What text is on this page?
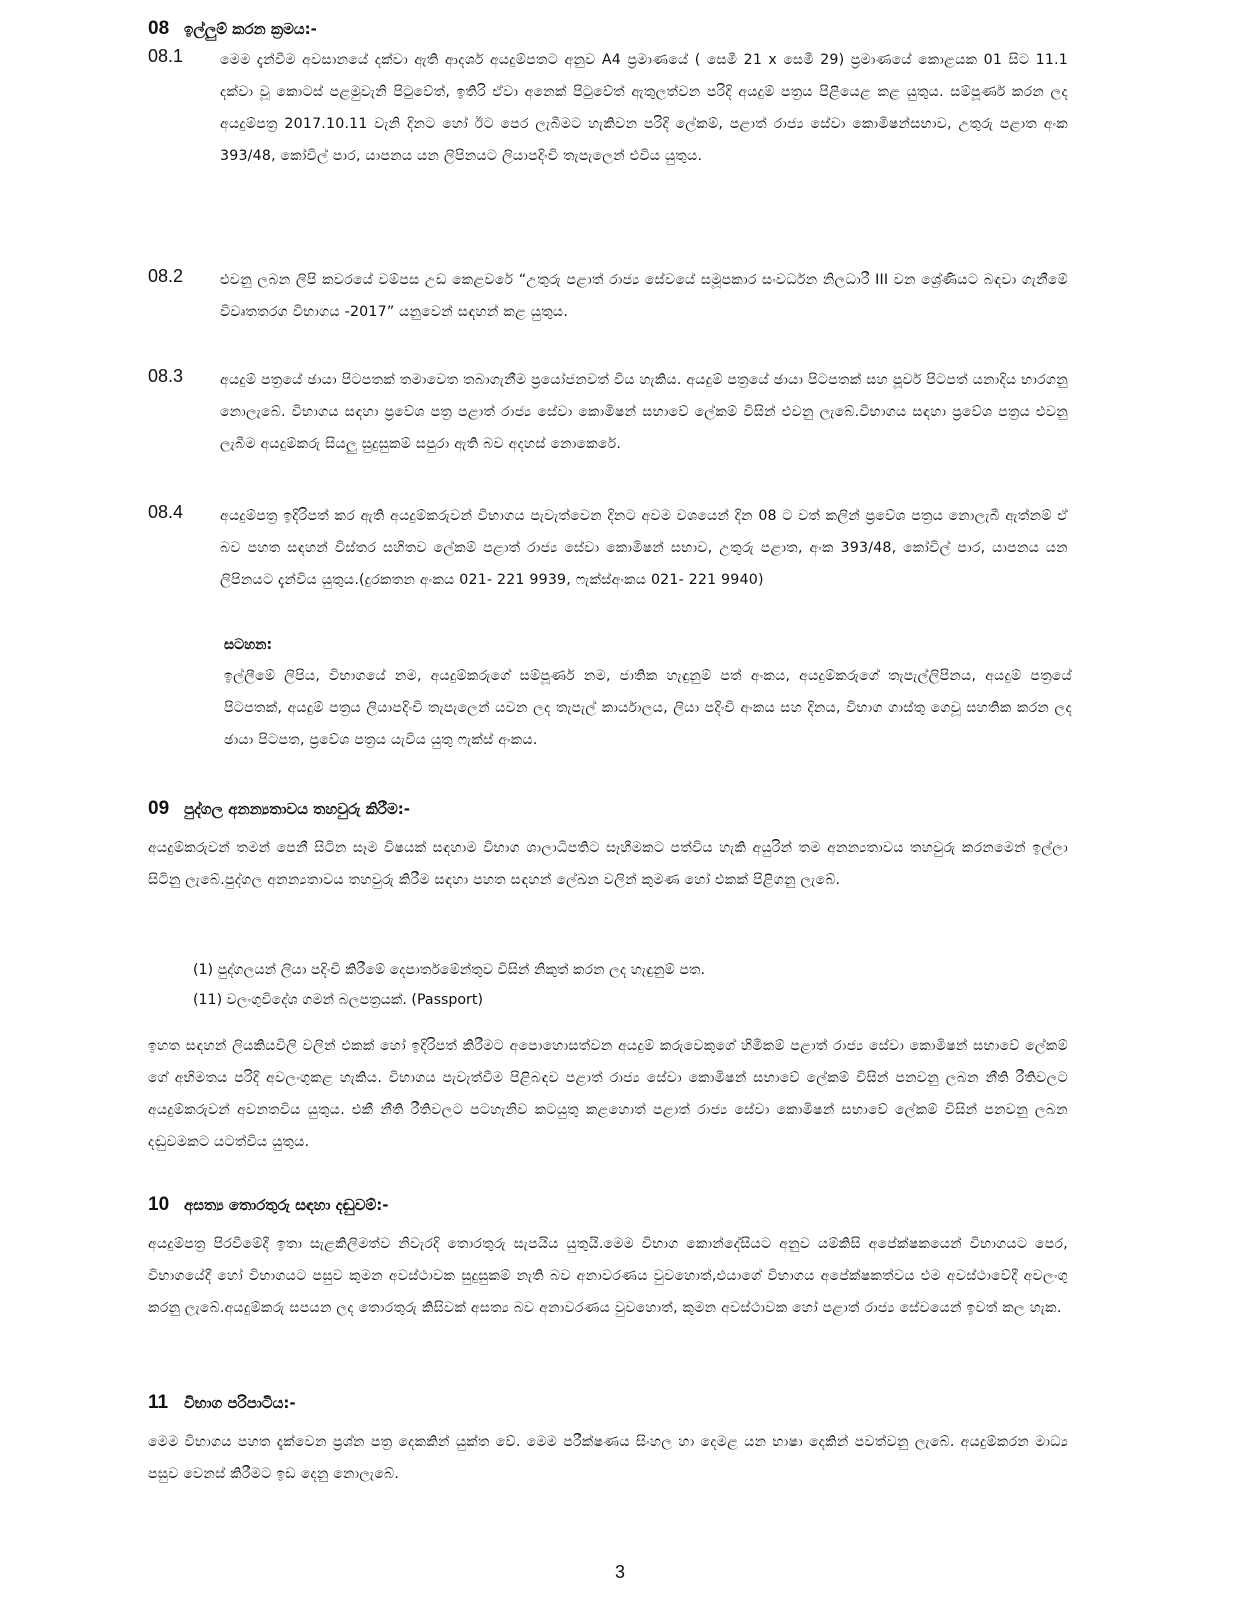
08 ඉල්ලුම් කරන ක්‍රමය:-
08.1	මෙම දැන්වීම අවසානයේ දක්වා ඇති ආදර්ශ අයදුම්පතට අනුව A4 ප්‍රමාණයේ ( සෙමී 21 x සෙමී 29) ප්‍රමාණයේ කොළයක 01 සිට 11.1 දක්වා වූ කොටස් පළමුවැනි පිටුවේත්, ඉතිරි ඒවා අනෙක් පිටුවේත් ඇතුලත්වන පරිදි අයදුම් පත්‍රය පිළියෙළ කළ යුතුය. සම්පූර්ණ කරන ලද අයදුම්පත්‍ර 2017.10.11 වැනි දිනට හෝ ඊට පෙර ලැබීමට හැකිවන පරිදි ලේකම්, පළාත් රාජ්‍ය සේවා කොමිෂන්සභාව, උතුරු පළාත අංක 393/48, කෝවිල් පාර, යාපනය යන ලිපිනයට ලියාපදිංචි තැපැලෙන් එවිය යුතුය.
08.2	එවනු ලබන ලිපි කවරයේ වම්පස උඩ කෙළවරේ “උතුරු පළාත් රාජ්‍ය සේවයේ සමූපකාර සංවර්ධන නිලධාරී III වන ශ්‍රේණියට බඳවා ගැනීමේ විවෘතතරග විභාගය -2017” යනුවෙන් සඳහන් කළ යුතුය.
08.3	අයදුම් පත්‍රයේ ඡායා පිටපතක් තමාවෙත තබාගැනීම ප්‍රයෝජනවත් විය හැකිය. අයදුම් පත්‍රයේ ඡායා පිටපතක් සහ පූර්ව පිටපත් යනාදිය භාරගනු නොලැබේ. විභාගය සඳහා ප්‍රවේශ පත්‍ර පළාත් රාජ්‍ය සේවා කොමිෂන් සභාවේ ලේකම් විසින් එවනු ලැබේ.විභාගය සඳහා ප්‍රවේශ පත්‍රය එවනු ලැබීම අයදුම්කරු සියලු සුදුසුකම් සපුරා ඇති බව අදහස් නොකෙරේ.
08.4	අයදුම්පත්‍ර ඉදිරිපත් කර ඇති අයදුම්කරුවන් විභාගය පැවැත්වෙන දිනට අවම වශයෙන් දින 08 ට වත් කලින් ප්‍රවේශ පත්‍රය නොලැබී ඇත්නම් ඒ බව පහත සඳහන් විස්තර සහිතව ලේකම් පළාත් රාජ්‍ය සේවා කොමිෂන් සභාව, උතුරු පළාත, අංක 393/48, කෝවිල් පාර, යාපනය යන ලිපිනයට දැන්විය යුතුය.(දුරකතන අංකය 021- 221 9939, ෆැක්ස්අංකය 021- 221 9940)
සටහන:
ඉල්ලීමේ ලිපිය, විභාගයේ නම, අයදුම්කරුගේ සම්පූර්ණ නම, ජාතික හැඳුනුම් පත් අංකය, අයදුම්කරුගේ තැපැල්ලිපිනය, අයදුම් පත්‍රයේ පිටපතක්, අයදුම් පත්‍රය ලියාපදිංචි තැපැලෙන් යවන ලද තැපැල් කාර්යාලය, ලියා පදිංචි අංකය සහ දිනය, විභාග ගාස්තු ගෙවූ සහතික කරන ලද ඡායා පිටපත, ප්‍රවේශ පත්‍රය යැවිය යුතු ෆැක්ස් අංකය.
09 පුද්ගල අනන්‍යතාවය තහවුරු කිරීම:-
අයදුම්කරුවන් තමන් පෙනී සිටින සෑම විෂයක් සඳහාම විභාග ශාලාධිපතිට සෑහීමකට පත්විය හැකි අයුරින් තම අනන්‍යතාවය තහවුරු කරනමෙන් ඉල්ලා සිටිනු ලැබේ.පුද්ගල අනන්‍යතාවය තහවුරු කිරීම සඳහා පහත සඳහන් ලේඛන වලින් කුමණ හෝ එකක් පිළිගනු ලැබේ.
(1) පුද්ගලයන් ලියා පදිංචි කිරීමේ දෙපාර්තමේන්තුව විසින් නිකුත් කරන ලද හැඳුනුම් පත.
(11) වලංගුවිදේශ ගමන් බලපත්‍රයක්. (Passport)
ඉහත සඳහන් ලියකියවිලි වලින් එකක් හෝ ඉදිරිපත් කිරීමට අපොහොසත්වන අයදුම් කරුවෙකුගේ හිමිකම් පළාත් රාජ්‍ය සේවා කොමිෂන් සභාවේ ලේකම් ගේ අභිමතය පරිදි අවලංගුකළ හැකිය. විභාගය පැවැත්වීම පිළිබඳව පළාත් රාජ්‍ය සේවා කොමිෂන් සභාවේ ලේකම් විසින් පනවනු ලබන නීති රීතිවලට අයදුම්කරුවන් අවනතවිය යුතුය. එකී නීති රීතිවලට පටහැනිව කටයුතු කළහොත් පළාත් රාජ්‍ය සේවා කොමිෂන් සභාවේ ලේකම් විසින් පනවනු ලබන දඬුවමකට යටත්විය යුතුය.
10 අසත්‍ය තොරතුරු සඳහා දඬුවම්:-
අයදුම්පත්‍ර පිරවීමේදී ඉතා සැළකිලිමත්ව නිවැරදි තොරතුරු සැපයිය යුතුයි.මෙම විභාග කොන්දේසියට අනුව යම්කිසි අපේක්ෂකයෙන් විභාගයට පෙර, විභාගයේදී හෝ විභාගයට පසුව කුමන අවස්ථාවක සුදුසුකම් නැති බව අනාවරණය වුවහොත්,එයාගේ විභාගය අපේක්ෂකත්වය එම අවස්ථාවේදී අවලංගු කරනු ලැබේ.අයදුම්කරු සපයන ලද තොරතුරු කිසිවක් අසත්‍ය බව අනාවරණය වුවහොත්, කුමන අවස්ථාවක හෝ පළාත් රාජ්‍ය සේවයෙන් ඉවත් කල හැක.
11	විභාග පරිපාටිය:-
මෙම විභාගය පහත දැක්වෙන ප්‍රශ්න පත්‍ර දෙකකින් යුක්ත වේ. මෙම පරීක්ෂණය සිංහල හා දෙමළ යන භාෂා දෙකින් පවත්වනු ලැබේ. අයදුම්කරන මාධ්‍ය පසුව වෙනස් කිරීමට ඉඩ දෙනු නොලැබේ.
3
